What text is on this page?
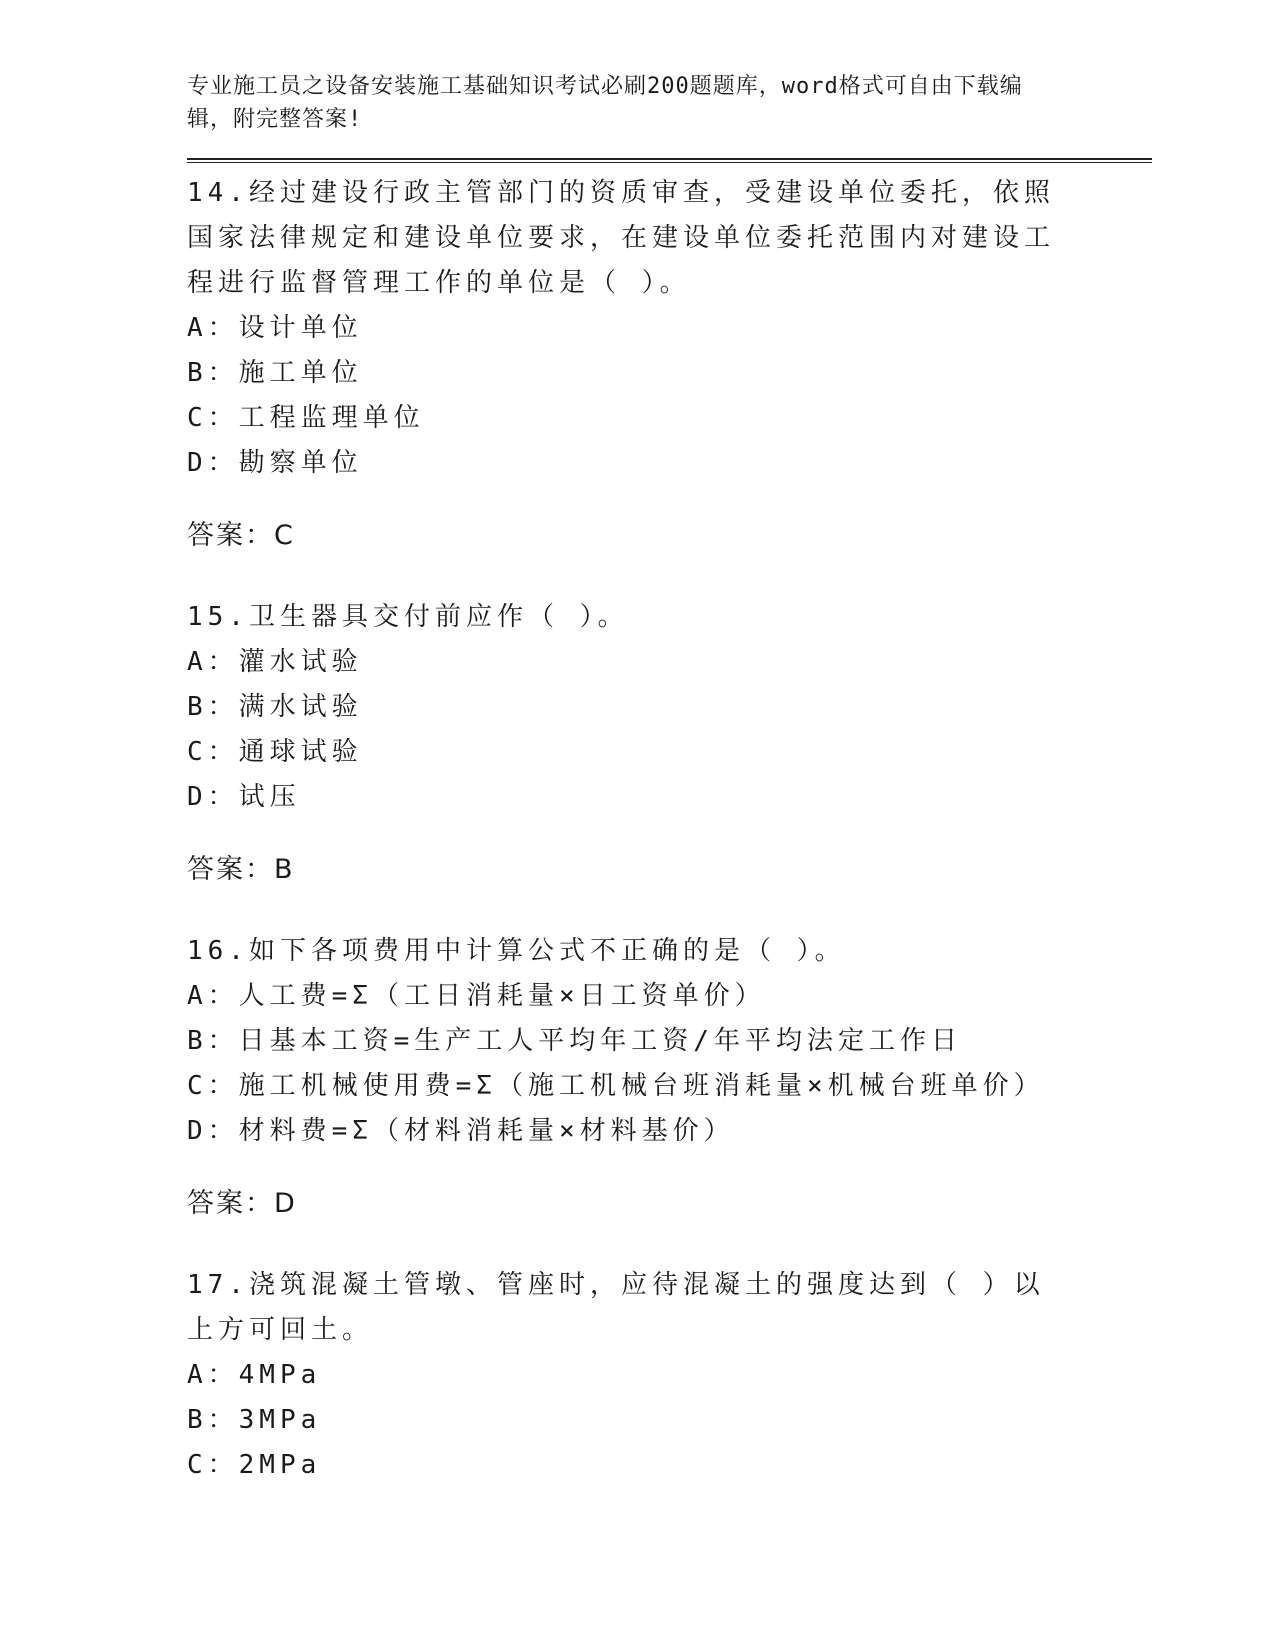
专业施工员之设备安装施工基础知识考试必刷200题题库，word格式可自由下载编辑，附完整答案!

14.经过建设行政主管部门的资质审查，受建设单位委托，依照国家法律规定和建设单位要求，在建设单位委托范围内对建设工程进行监督管理工作的单位是（ ）。

A：设计单位

B：施工单位

C：工程监理单位

D：勘察单位

答案：C

15.卫生器具交付前应作（ ）。

A：灌水试验

B：满水试验

C：通球试验

D：试压

答案：B

16.如下各项费用中计算公式不正确的是（ ）。

A：人工费=Σ（工日消耗量×日工资单价）

B：日基本工资=生产工人平均年工资/年平均法定工作日

C：施工机械使用费=Σ（施工机械台班消耗量×机械台班单价）

D：材料费=Σ（材料消耗量×材料基价）

答案：D

17.浇筑混凝土管墩、管座时，应待混凝土的强度达到（ ）以上方可回土。

A：4MPa

B：3MPa

C：2MPa
